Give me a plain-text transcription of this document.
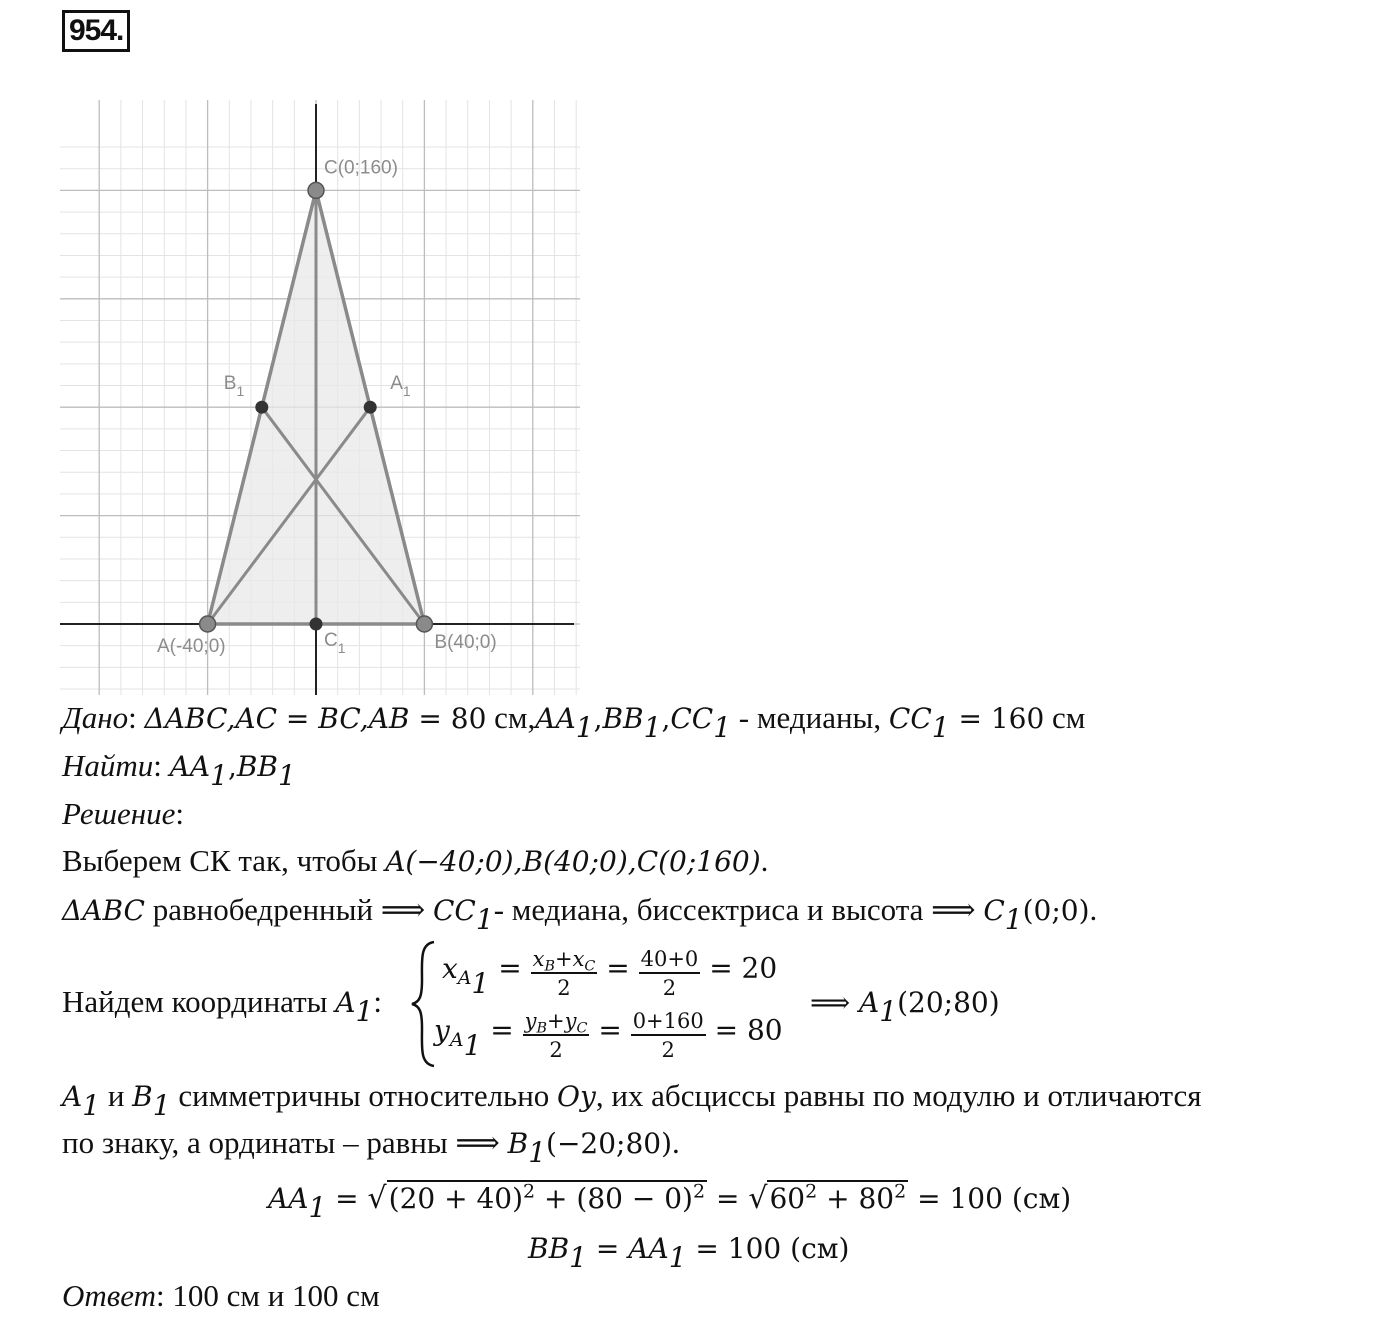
954.
C(0;160)
A(-40;0)	B(40;0)
$A_1$
$B_1$
$C_1$
Дано: ΔABC,AC = BC,AB = 80 $см,AA_1,BB_1,CC_1$ - медианы, $CC_1 = 160$ см
Найти: $AA_1,BB_1$
Решение:
Выберем СК так, чтобы A(−40;0),B(40;0),C(0;160).
ΔABC равнобедренный ⟹ $CC_1-$ медиана, биссектриса и высота ⟹ $C_1(0;0)$.
Найдем координаты $A_1$:
$x_{A_1} = \frac{x_B+x_C}{2} = \frac{40+0}{2} = 20$
$y_{A_1} = \frac{y_B+y_C}{2} = \frac{0+160}{2} = 80$
⟹ $A_1(20;80)$
$A_1$ и $B_1$ симметричны относительно Oy, их абсциссы равны по модулю и отличаются
по знаку, а ординаты – равны ⟹ $B_1(-20;80)$.
$AA_1 = √(20 + 40)^2 + (80 - 0)^2 = √60^2 + 80^2 = 100$ (см)
$BB_1 = AA_1 = 100$ (см)
Ответ: 100 см и 100 см
